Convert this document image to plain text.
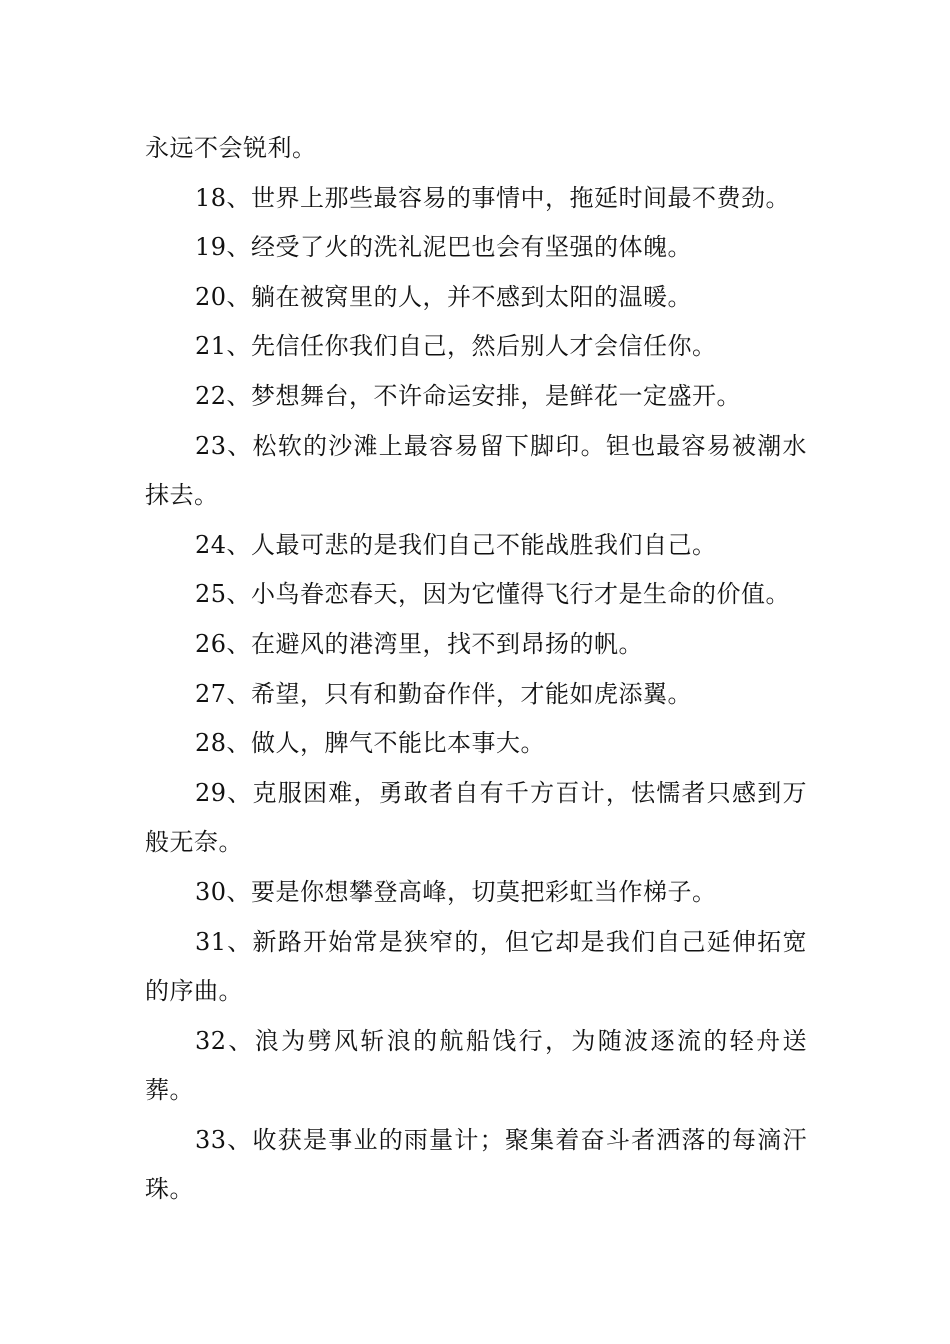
永远不会锐利。

18、世界上那些最容易的事情中，拖延时间最不费劲。

19、经受了火的洗礼泥巴也会有坚强的体魄。

20、躺在被窝里的人，并不感到太阳的温暖。

21、先信任你我们自己，然后别人才会信任你。

22、梦想舞台，不许命运安排，是鲜花一定盛开。

23、松软的沙滩上最容易留下脚印。钽也最容易被潮水抹去。

24、人最可悲的是我们自己不能战胜我们自己。

25、小鸟眷恋春天，因为它懂得飞行才是生命的价值。

26、在避风的港湾里，找不到昂扬的帆。

27、希望，只有和勤奋作伴，才能如虎添翼。

28、做人，脾气不能比本事大。

29、克服困难，勇敢者自有千方百计，怯懦者只感到万般无奈。

30、要是你想攀登高峰，切莫把彩虹当作梯子。

31、新路开始常是狭窄的，但它却是我们自己延伸拓宽的序曲。

32、浪为劈风斩浪的航船饯行，为随波逐流的轻舟送葬。

33、收获是事业的雨量计；聚集着奋斗者洒落的每滴汗珠。
